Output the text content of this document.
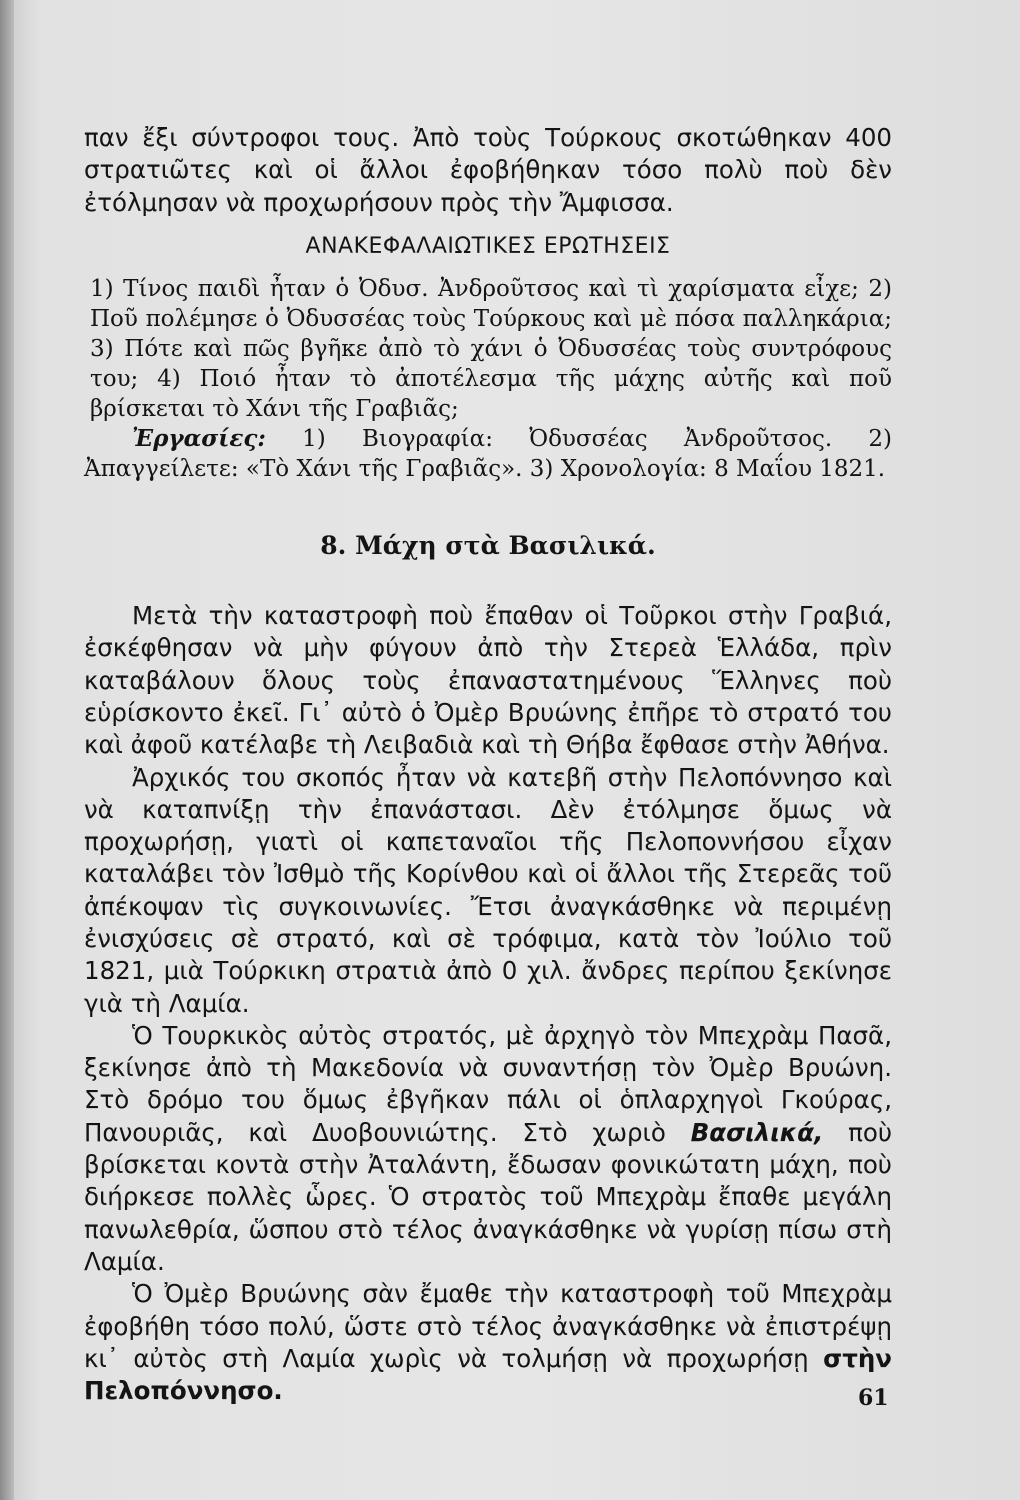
παν ἔξι σύντροφοι τους. Ἀπὸ τοὺς Τούρκους σκοτώθηκαν 400 στρατιῶτες καὶ οἱ ἄλλοι ἐφοβήθηκαν τόσο πολὺ ποὺ δὲν ἐτόλμησαν νὰ προχωρήσουν πρὸς τὴν Ἄμφισσα.

ΑΝΑΚΕΦΑΛΑΙΩΤΙΚΕΣ ΕΡΩΤΗΣΕΙΣ

1) Τίνος παιδὶ ἦταν ὁ Ὀδυσ. Ἀνδροῦτσος καὶ τὶ χαρίσματα εἶχε; 2) Ποῦ πολέμησε ὁ Ὀδυσσέας τοὺς Τούρκους καὶ μὲ πόσα παλληκάρια; 3) Πότε καὶ πῶς βγῆκε ἀπὸ τὸ χάνι ὁ Ὀδυσσέας τοὺς συντρόφους του; 4) Ποιό ἦταν τὸ ἀποτέλεσμα τῆς μάχης αὐτῆς καὶ ποῦ βρίσκεται τὸ Χάνι τῆς Γραβιᾶς;

Ἐργασίες: 1) Βιογραφία: Ὀδυσσέας Ἀνδροῦτσος. 2) Ἀπαγγείλετε: «Τὸ Χάνι τῆς Γραβιᾶς». 3) Χρονολογία: 8 Μαΐου 1821.

8. Μάχη στὰ Βασιλικά.

Μετὰ τὴν καταστροφὴ ποὺ ἔπαθαν οἱ Τοῦρκοι στὴν Γραβιά, ἐσκέφθησαν νὰ μὴν φύγουν ἀπὸ τὴν Στερεὰ Ἑλλάδα, πρὶν καταβάλουν ὅλους τοὺς ἐπαναστατημένους Ἕλληνες ποὺ εὑρίσκοντο ἐκεῖ. Γι᾽ αὐτὸ ὁ Ὀμὲρ Βρυώνης ἐπῆρε τὸ στρατό του καὶ ἀφοῦ κατέλαβε τὴ Λειβαδιὰ καὶ τὴ Θήβα ἔφθασε στὴν Ἀθήνα.

Ἀρχικός του σκοπός ἦταν νὰ κατεβῆ στὴν Πελοπόννησο καὶ νὰ καταπνίξῃ τὴν ἐπανάστασι. Δὲν ἐτόλμησε ὅμως νὰ προχωρήσῃ, γιατὶ οἱ καπεταναῖοι τῆς Πελοποννήσου εἶχαν καταλάβει τὸν Ἰσθμὸ τῆς Κορίνθου καὶ οἱ ἄλλοι τῆς Στερεᾶς τοῦ ἀπέκοψαν τὶς συγκοινωνίες. Ἔτσι ἀναγκάσθηκε νὰ περιμένῃ ἐνισχύσεις σὲ στρατό, καὶ σὲ τρόφιμα, κατὰ τὸν Ἰούλιο τοῦ 1821, μιὰ Τούρκικη στρατιὰ ἀπὸ 0 χιλ. ἄνδρες περίπου ξεκίνησε γιὰ τὴ Λαμία.

Ὁ Τουρκικὸς αὐτὸς στρατός, μὲ ἀρχηγὸ τὸν Μπεχρὰμ Πασᾶ, ξεκίνησε ἀπὸ τὴ Μακεδονία νὰ συναντήσῃ τὸν Ὀμὲρ Βρυώνη. Στὸ δρόμο του ὅμως ἐβγῆκαν πάλι οἱ ὁπλαρχηγοὶ Γκούρας, Πανουριᾶς, καὶ Δυοβουνιώτης. Στὸ χωριὸ Βασιλικά, ποὺ βρίσκεται κοντὰ στὴν Ἀταλάντη, ἔδωσαν φονικώτατη μάχη, ποὺ διήρκεσε πολλὲς ὧρες. Ὁ στρατὸς τοῦ Μπεχρὰμ ἔπαθε μεγάλη πανωλεθρία, ὥσπου στὸ τέλος ἀναγκάσθηκε νὰ γυρίσῃ πίσω στὴ Λαμία.

Ὁ Ὀμὲρ Βρυώνης σὰν ἔμαθε τὴν καταστροφὴ τοῦ Μπεχρὰμ ἐφοβήθη τόσο πολύ, ὥστε στὸ τέλος ἀναγκάσθηκε νὰ ἐπιστρέψῃ κι᾽ αὐτὸς στὴ Λαμία χωρὶς νὰ τολμήσῃ νὰ προχωρήσῃ στὴν Πελοπόννησο.	61
